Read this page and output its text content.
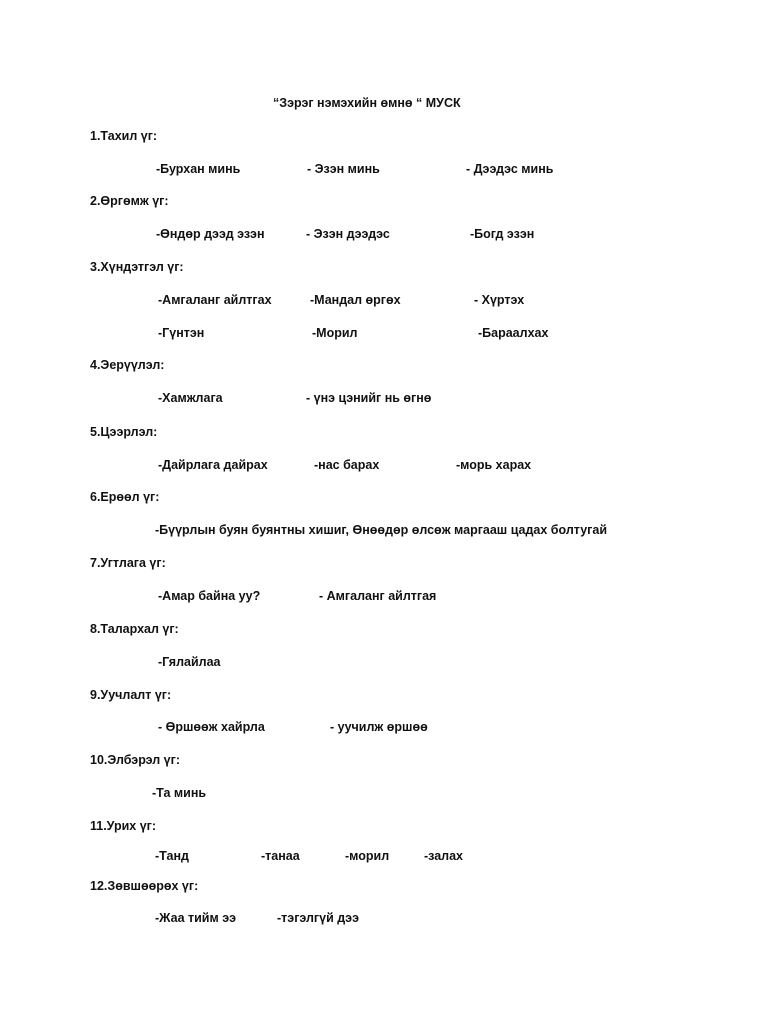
“Зэрэг нэмэхийн өмнө “ МУСК
1.Тахил үг:
-Бурхан минь	- Эзэн минь	- Дээдэс минь
2.Өргөмж үг:
-Өндөр дээд эзэн	- Эзэн дээдэс	-Богд эзэн
3.Хүндэтгэл үг:
-Амгаланг айлтгах	-Мандал өргөх	- Хүртэх
-Гүнтэн	-Морил	-Бараалхах
4.Эерүүлэл:
-Хамжлага	- үнэ цэнийг нь өгнө
5.Цээрлэл:
-Дайрлага дайрах	-нас барах	-морь харах
6.Ерөөл үг:
-Бүүрлын буян буянтны хишиг, Өнөөдөр өлсөж маргааш цадах болтугай
7.Угтлага үг:
-Амар байна уу?	- Амгаланг айлтгая
8.Талархал үг:
-Гялайлаа
9.Уучлалт үг:
- Өршөөж хайрла	- уучилж өршөө
10.Элбэрэл үг:
-Та минь
11.Урих үг:
-Танд	-танаа	-морил	-залах
12.Зөвшөөрөх үг:
-Жаа тийм ээ	-тэгэлгүй дээ
